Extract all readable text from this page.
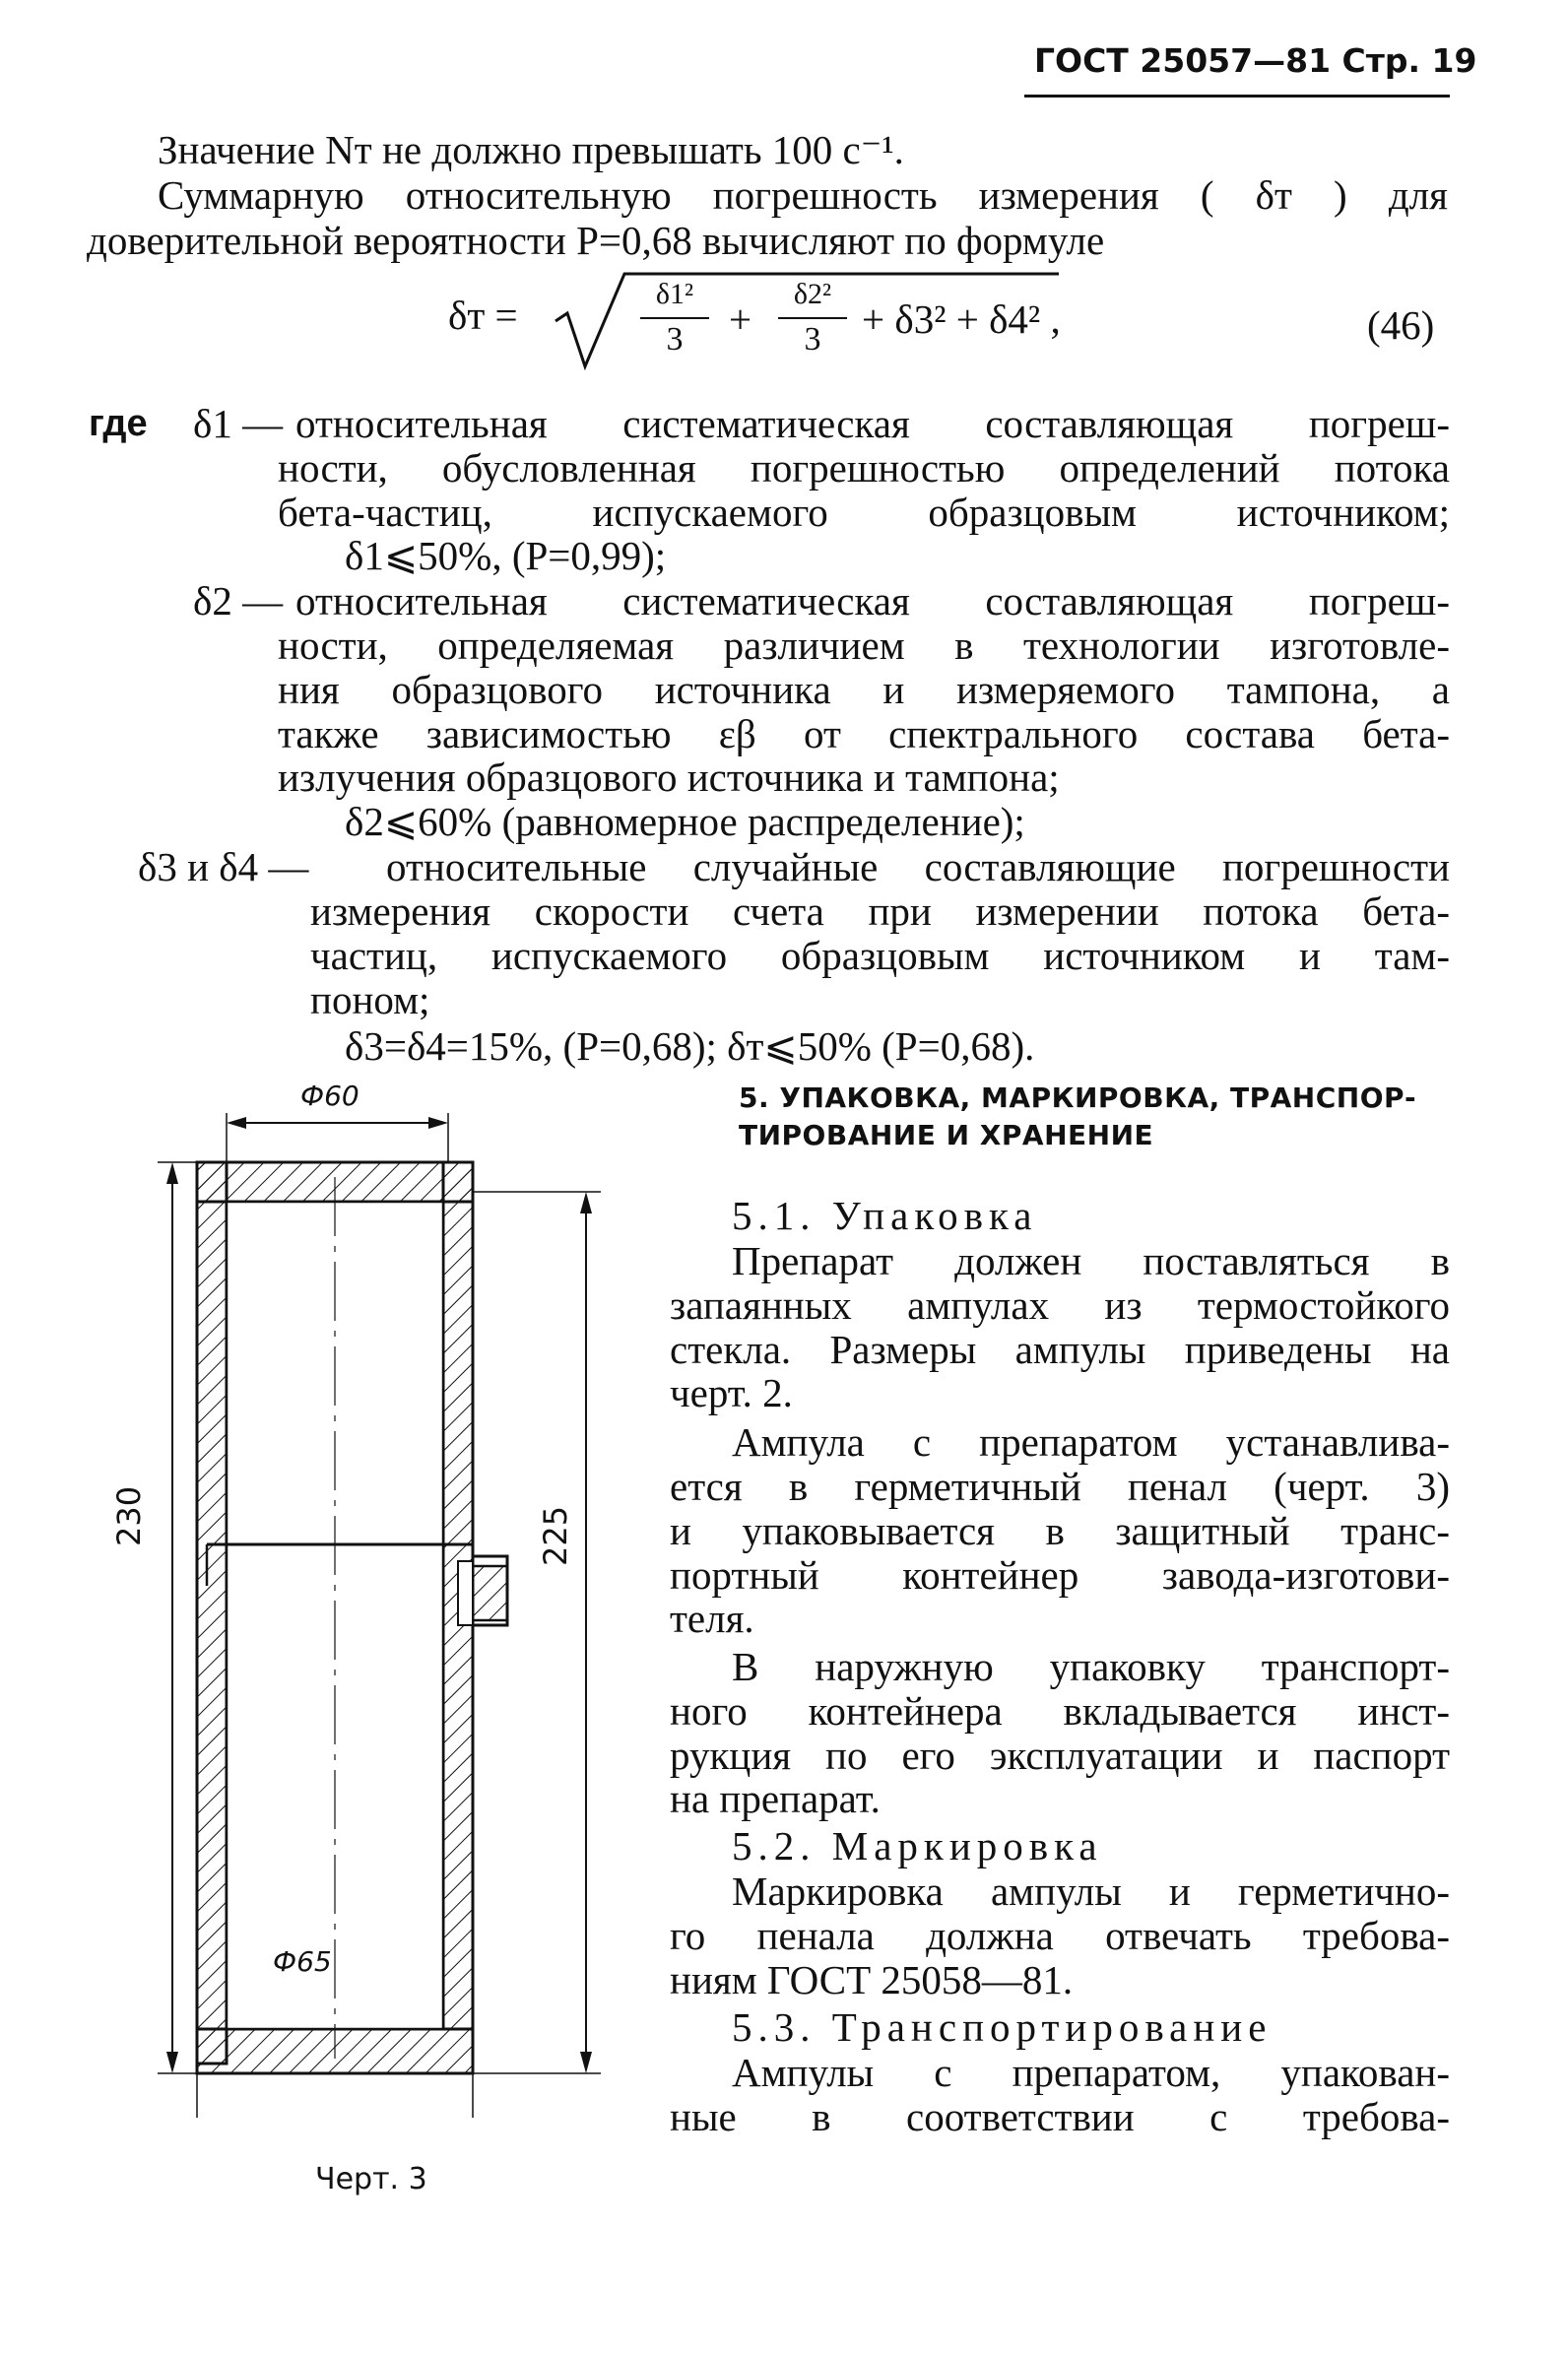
ГОСТ 25057—81 Стр. 19
Значение Nт не должно превышать 100 с⁻¹.
Суммарную относительную погрешность измерения ( δт ) для
доверительной вероятности P=0,68 вычисляют по формуле
δт =	δ1²
3	+
δ2²
3	+ δ3² + δ4² ,	(46)
где δ1 — относительная систематическая составляющая погреш-
ности, обусловленная погрешностью определений потока
бета-частиц, испускаемого образцовым источником;
δ1⩽50%, (P=0,99);
δ2 — относительная систематическая составляющая погреш-
ности, определяемая различием в технологии изготовле-
ния образцового источника и измеряемого тампона, а
также зависимостью εβ от спектрального состава бета-
излучения образцового источника и тампона;
δ2⩽60% (равномерное распределение);
δ3 и δ4 — относительные случайные составляющие погрешности
измерения скорости счета при измерении потока бета-
частиц, испускаемого образцовым источником и там-
поном;
δ3=δ4=15%, (P=0,68); δт⩽50% (P=0,68).
Ф60
Ф65
230	225
Черт. 3
5. УПАКОВКА, МАРКИРОВКА, ТРАНСПОР-
ТИРОВАНИЕ И ХРАНЕНИЕ
5.1. Упаковка
Препарат должен поставляться в
запаянных ампулах из термостойкого
стекла. Размеры ампулы приведены на
черт. 2.
Ампула с препаратом устанавлива-
ется в герметичный пенал (черт. 3)
и упаковывается в защитный транс-
портный контейнер завода-изготови-
теля.
В наружную упаковку транспорт-
ного контейнера вкладывается инст-
рукция по его эксплуатации и паспорт
на препарат.
5.2. Маркировка
Маркировка ампулы и герметично-
го пенала должна отвечать требова-
ниям ГОСТ 25058—81.
5.3. Транспортирование
Ампулы с препаратом, упакован-
ные в соответствии с требова-
